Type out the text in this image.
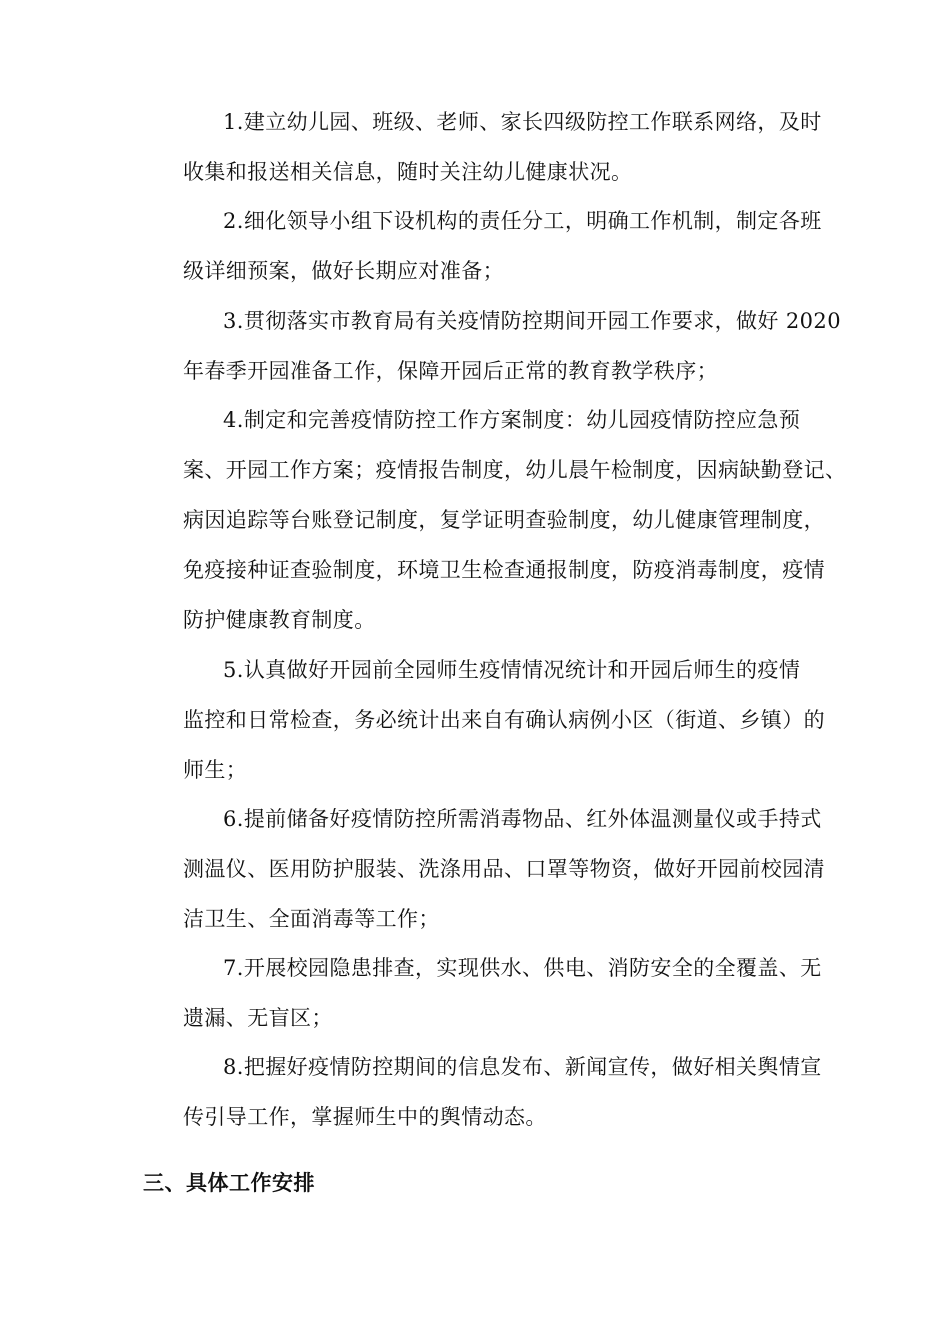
1.建立幼儿园、班级、老师、家长四级防控工作联系网络，及时
收集和报送相关信息，随时关注幼儿健康状况。
2.细化领导小组下设机构的责任分工，明确工作机制，制定各班
级详细预案，做好长期应对准备；
3.贯彻落实市教育局有关疫情防控期间开园工作要求，做好 2020
年春季开园准备工作，保障开园后正常的教育教学秩序；
4.制定和完善疫情防控工作方案制度：幼儿园疫情防控应急预
案、开园工作方案；疫情报告制度，幼儿晨午检制度，因病缺勤登记、
病因追踪等台账登记制度，复学证明查验制度，幼儿健康管理制度，
免疫接种证查验制度，环境卫生检查通报制度，防疫消毒制度，疫情
防护健康教育制度。
5.认真做好开园前全园师生疫情情况统计和开园后师生的疫情
监控和日常检查，务必统计出来自有确认病例小区（街道、乡镇）的
师生；
6.提前储备好疫情防控所需消毒物品、红外体温测量仪或手持式
测温仪、医用防护服装、洗涤用品、口罩等物资，做好开园前校园清
洁卫生、全面消毒等工作；
7.开展校园隐患排查，实现供水、供电、消防安全的全覆盖、无
遗漏、无盲区；
8.把握好疫情防控期间的信息发布、新闻宣传，做好相关舆情宣
传引导工作，掌握师生中的舆情动态。
三、具体工作安排
